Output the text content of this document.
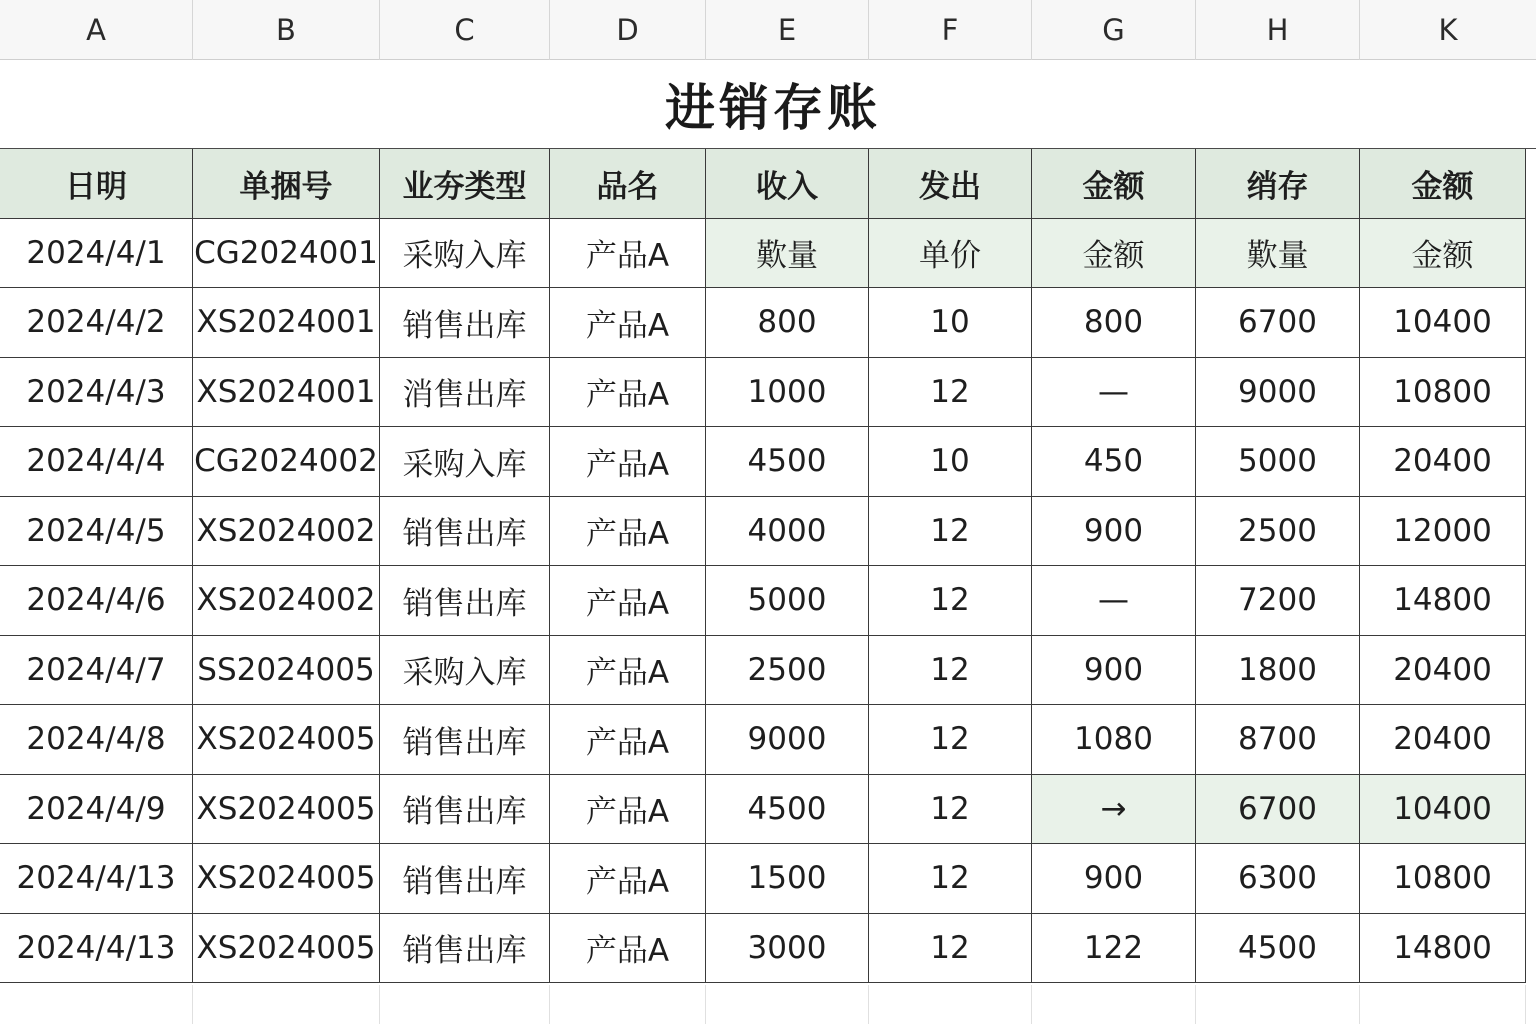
A	B	C	D	E	F	G	H	K
进销存账
日明	单捆号	业夯类型	品名	收入	发出	金额	绡存	金额
2024/4/1 CG2024001 采购入库	产品A	歎量	单价	金额	歎量	金额
2024/4/2 XS2024001 销售出库	产品A	800	10	800	6700	10400
2024/4/3 XS2024001 消售出库	产品A	1000	12	—	9000	10800
2024/4/4 CG2024002 采购入库	产品A	4500	10	450	5000	20400
2024/4/5 XS2024002 销售出库	产品A	4000	12	900	2500	12000
2024/4/6 XS2024002 销售出库	产品A	5000	12	—	7200	14800
2024/4/7	SS2024005 采购入库	产品A	2500	12	900	1800	20400
2024/4/8 XS2024005 销售出库	产品A	9000	12	1080	8700	20400
2024/4/9 XS2024005 销售出库	产品A	4500	12	→	6700	10400
2024/4/13 XS2024005 销售出库	产品A	1500	12	900	6300	10800
2024/4/13 XS2024005 销售出库	产品A	3000	12	122	4500	14800
